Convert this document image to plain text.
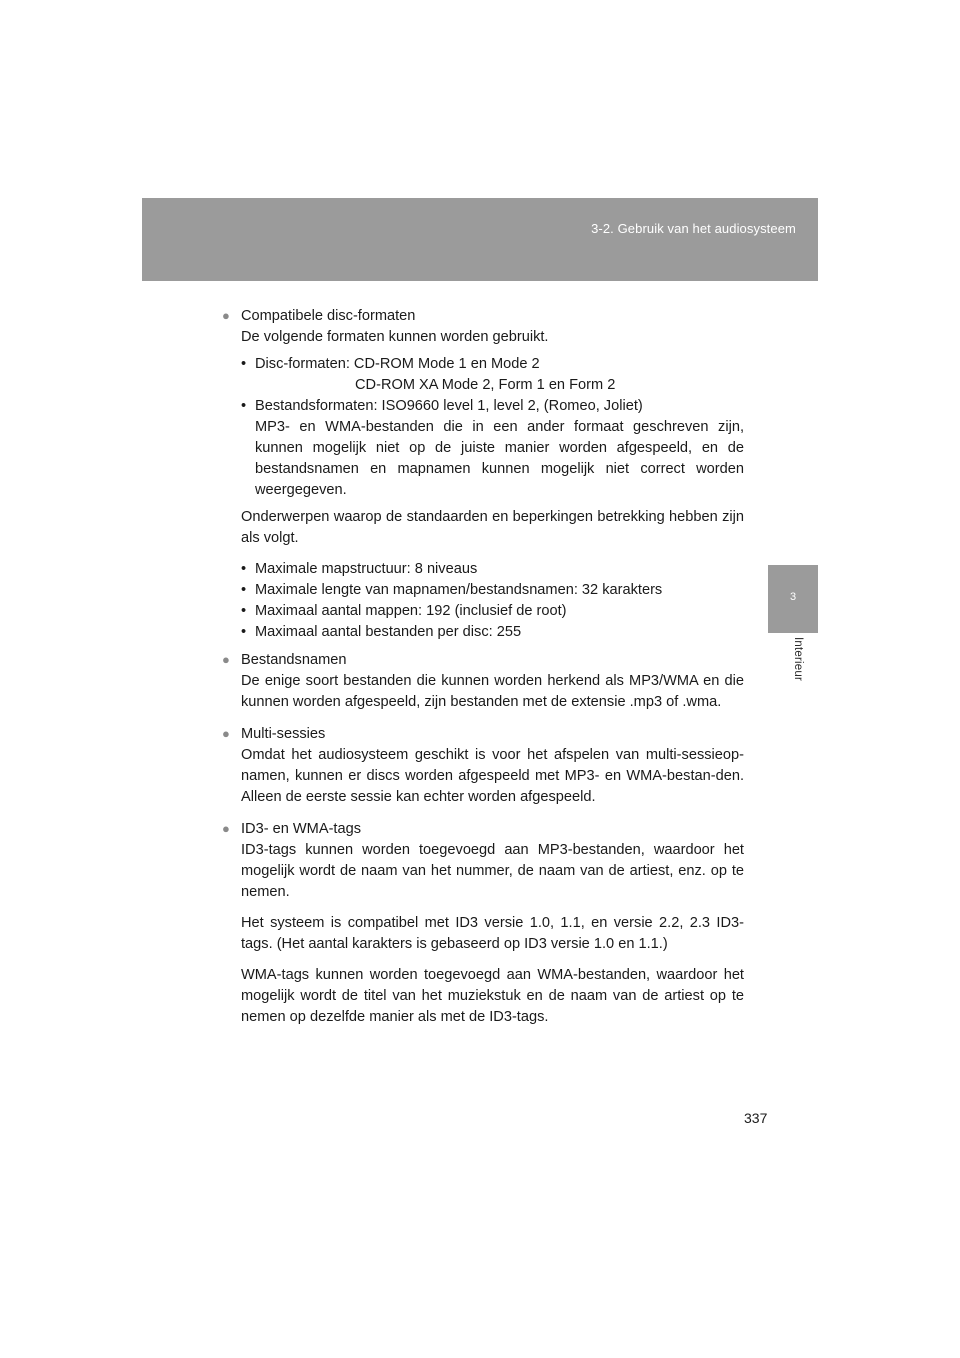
3-2. Gebruik van het audiosysteem
3
Interieur
● Compatibele disc-formaten

De volgende formaten kunnen worden gebruikt.

• Disc-formaten: CD-ROM Mode 1 en Mode 2
CD-ROM XA Mode 2, Form 1 en Form 2
• Bestandsformaten: ISO9660 level 1, level 2, (Romeo, Joliet)
MP3- en WMA-bestanden die in een ander formaat geschreven zijn, kunnen mogelijk niet op de juiste manier worden afgespeeld, en de bestandsnamen en mapnamen kunnen mogelijk niet correct worden weergegeven.

Onderwerpen waarop de standaarden en beperkingen betrekking hebben zijn als volgt.

• Maximale mapstructuur: 8 niveaus
• Maximale lengte van mapnamen/bestandsnamen: 32 karakters
• Maximaal aantal mappen: 192 (inclusief de root)
• Maximaal aantal bestanden per disc: 255
● Bestandsnamen

De enige soort bestanden die kunnen worden herkend als MP3/WMA en die kunnen worden afgespeeld, zijn bestanden met de extensie .mp3 of .wma.

● Multi-sessies

Omdat het audiosysteem geschikt is voor het afspelen van multi-sessieop-namen, kunnen er discs worden afgespeeld met MP3- en WMA-bestan-den. Alleen de eerste sessie kan echter worden afgespeeld.

● ID3- en WMA-tags

ID3-tags kunnen worden toegevoegd aan MP3-bestanden, waardoor het mogelijk wordt de naam van het nummer, de naam van de artiest, enz. op te nemen.

Het systeem is compatibel met ID3 versie 1.0, 1.1, en versie 2.2, 2.3 ID3-tags. (Het aantal karakters is gebaseerd op ID3 versie 1.0 en 1.1.)

WMA-tags kunnen worden toegevoegd aan WMA-bestanden, waardoor het mogelijk wordt de titel van het muziekstuk en de naam van de artiest op te nemen op dezelfde manier als met de ID3-tags.

337
